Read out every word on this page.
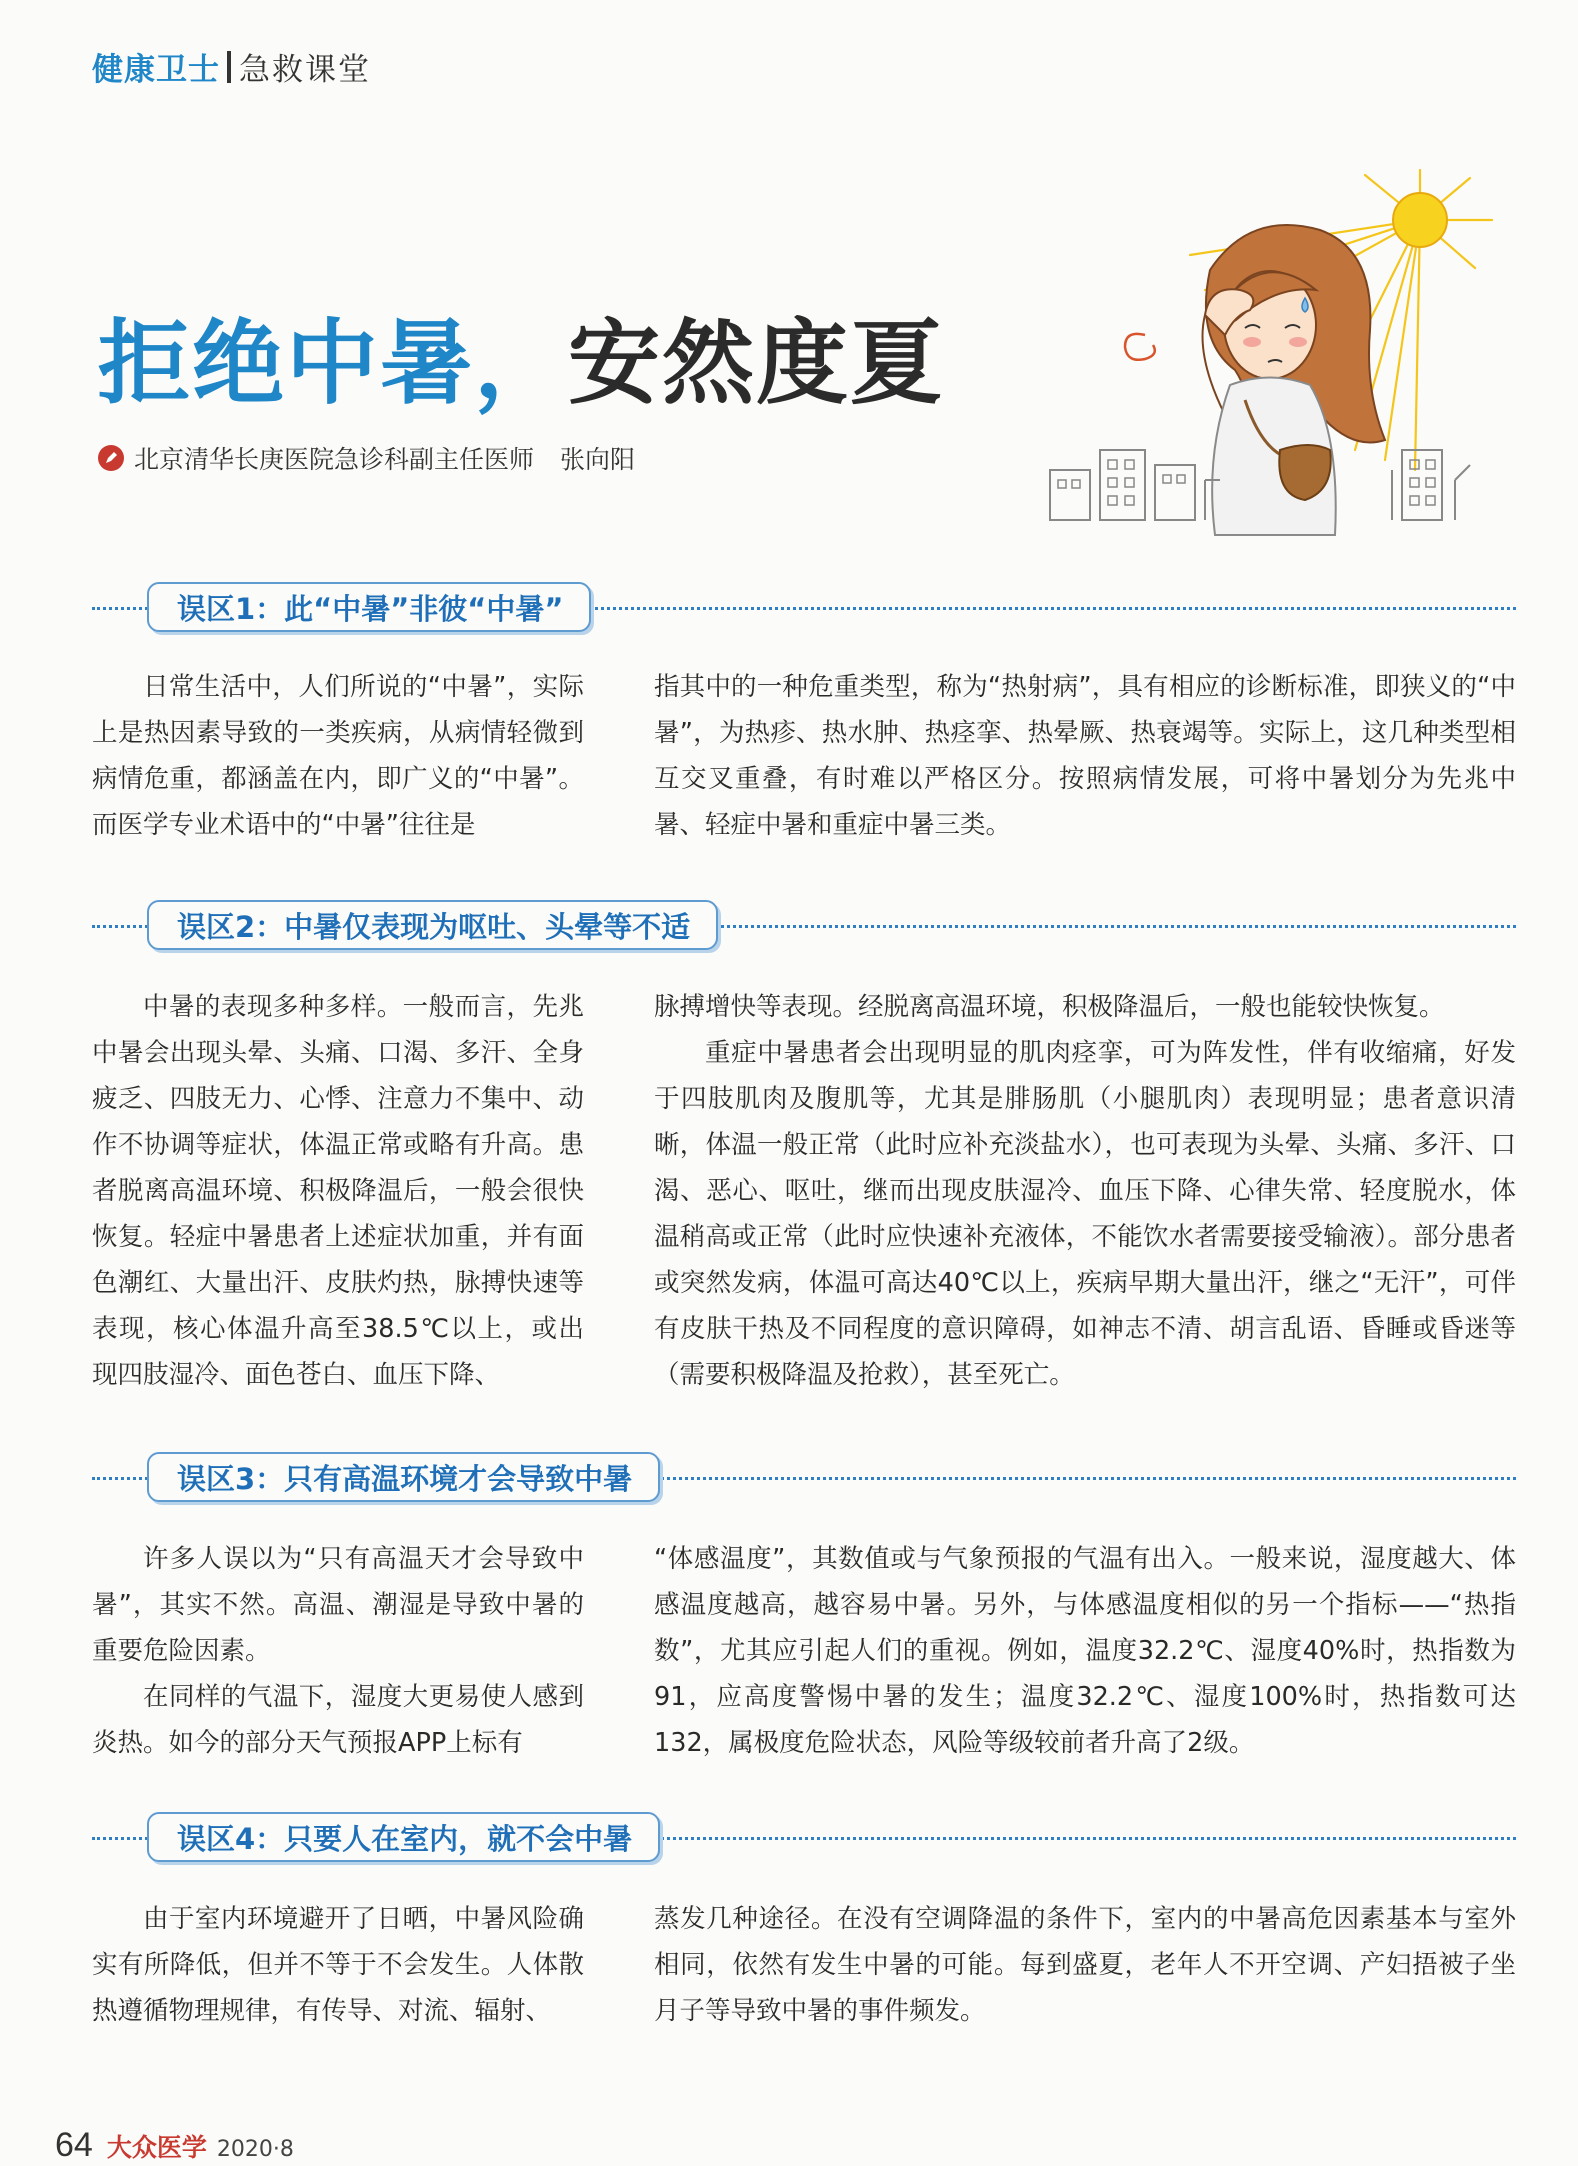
健康卫士 急救课堂
拒绝中暑，安然度夏
北京清华长庚医院急诊科副主任医师 张向阳
误区1：此“中暑”非彼“中暑”

日常生活中，人们所说的“中暑”，实际上是热因素导致的一类疾病，从病情轻微到病情危重，都涵盖在内，即广义的“中暑”。而医学专业术语中的“中暑”往往是

指其中的一种危重类型，称为“热射病”，具有相应的诊断标准，即狭义的“中暑”，为热疹、热水肿、热痉挛、热晕厥、热衰竭等。实际上，这几种类型相互交叉重叠，有时难以严格区分。按照病情发展，可将中暑划分为先兆中暑、轻症中暑和重症中暑三类。

误区2：中暑仅表现为呕吐、头晕等不适

中暑的表现多种多样。一般而言，先兆中暑会出现头晕、头痛、口渴、多汗、全身疲乏、四肢无力、心悸、注意力不集中、动作不协调等症状，体温正常或略有升高。患者脱离高温环境、积极降温后，一般会很快恢复。轻症中暑患者上述症状加重，并有面色潮红、大量出汗、皮肤灼热，脉搏快速等表现，核心体温升高至38.5℃以上，或出现四肢湿冷、面色苍白、血压下降、

脉搏增快等表现。经脱离高温环境，积极降温后，一般也能较快恢复。

重症中暑患者会出现明显的肌肉痉挛，可为阵发性，伴有收缩痛，好发于四肢肌肉及腹肌等，尤其是腓肠肌（小腿肌肉）表现明显；患者意识清晰，体温一般正常（此时应补充淡盐水），也可表现为头晕、头痛、多汗、口渴、恶心、呕吐，继而出现皮肤湿冷、血压下降、心律失常、轻度脱水，体温稍高或正常（此时应快速补充液体，不能饮水者需要接受输液）。部分患者或突然发病，体温可高达40℃以上，疾病早期大量出汗，继之“无汗”，可伴有皮肤干热及不同程度的意识障碍，如神志不清、胡言乱语、昏睡或昏迷等（需要积极降温及抢救），甚至死亡。

误区3：只有高温环境才会导致中暑

许多人误以为“只有高温天才会导致中暑”，其实不然。高温、潮湿是导致中暑的重要危险因素。

在同样的气温下，湿度大更易使人感到炎热。如今的部分天气预报APP上标有

“体感温度”，其数值或与气象预报的气温有出入。一般来说，湿度越大、体感温度越高，越容易中暑。另外，与体感温度相似的另一个指标——“热指数”，尤其应引起人们的重视。例如，温度32.2℃、湿度40%时，热指数为91，应高度警惕中暑的发生；温度32.2℃、湿度100%时，热指数可达132，属极度危险状态，风险等级较前者升高了2级。

误区4：只要人在室内，就不会中暑

由于室内环境避开了日晒，中暑风险确实有所降低，但并不等于不会发生。人体散热遵循物理规律，有传导、对流、辐射、

蒸发几种途径。在没有空调降温的条件下，室内的中暑高危因素基本与室外相同，依然有发生中暑的可能。每到盛夏，老年人不开空调、产妇捂被子坐月子等导致中暑的事件频发。

64 大众医学 2020·8
